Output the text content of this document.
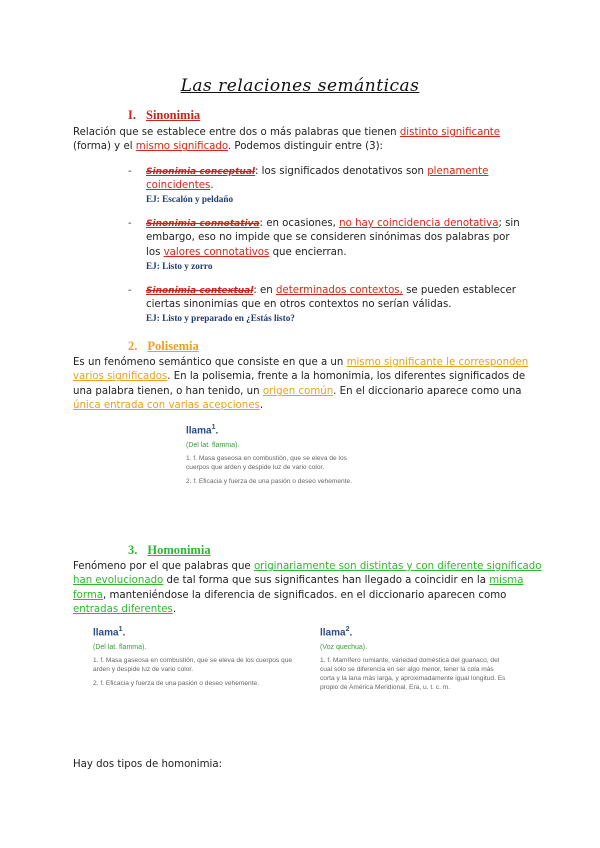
Las relaciones semánticas
I. Sinonimia
Relación que se establece entre dos o más palabras que tienen distinto significante (forma) y el mismo significado. Podemos distinguir entre (3):
- Sinonimia conceptual: los significados denotativos son plenamente coincidentes.
EJ: Escalón y peldaño
- Sinonimia connotativa: en ocasiones, no hay coincidencia denotativa; sin embargo, eso no impide que se consideren sinónimas dos palabras por los valores connotativos que encierran.
EJ: Listo y zorro
- Sinonimia contextual: en determinados contextos, se pueden establecer ciertas sinonimias que en otros contextos no serían válidas.
EJ: Listo y preparado en ¿Estás listo?
2. Polisemia
Es un fenómeno semántico que consiste en que a un mismo significante le corresponden varios significados. En la polisemia, frente a la homonimia, los diferentes significados de una palabra tienen, o han tenido, un origen común. En el diccionario aparece como una única entrada con varias acepciones.
llama$^1$.
(Del lat. flamma).
1. f. Masa gaseosa en combustión, que se eleva de los cuerpos que arden y despide luz de vario color.
2. f. Eficacia y fuerza de una pasión o deseo vehemente.
3. Homonimia
Fenómeno por el que palabras que originariamente son distintas y con diferente significado han evolucionado de tal forma que sus significantes han llegado a coincidir en la misma forma, manteniéndose la diferencia de significados. en el diccionario aparecen como entradas diferentes.
llama$^1$.
(Del lat. flamma).
1. f. Masa gaseosa en combustión, que se eleva de los cuerpos que arden y despide luz de vario color.
2. f. Eficacia y fuerza de una pasión o deseo vehemente.
llama$^2$.
(Voz quechua).
1. f. Mamífero rumiante, variedad doméstica del guanaco, del cual solo se diferencia en ser algo menor, tener la cola más corta y la lana más larga, y aproximadamente igual longitud. Es propio de América Meridional. Era, u. t. c. m.
Hay dos tipos de homonimia:
